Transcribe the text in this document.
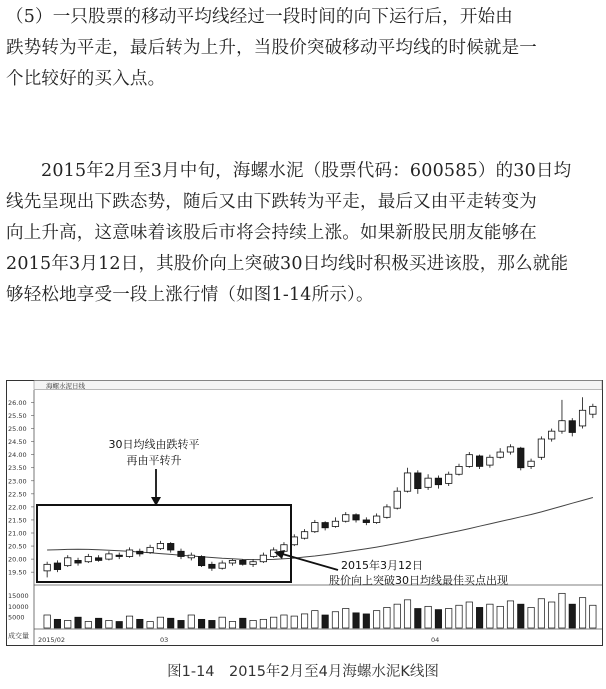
（5）一只股票的移动平均线经过一段时间的向下运行后，开始由

跌势转为平走，最后转为上升，当股价突破移动平均线的时候就是一

个比较好的买入点。

2015年2月至3月中旬，海螺水泥（股票代码：600585）的30日均

线先呈现出下跌态势，随后又由下跌转为平走，最后又由平走转变为

向上升高，这意味着该股后市将会持续上涨。如果新股民朋友能够在

2015年3月12日，其股价向上突破30日均线时积极买进该股，那么就能

够轻松地享受一段上涨行情（如图1-14所示）。

19.50
20.00
20.50
21.00
21.50
22.00
22.50
23.00
23.50
24.00
24.50
25.00
25.50
26.00
海螺水泥日线
15000
10000
5000
成交量 2015/02	03	04
30日均线由跌转平
再由平转升
2015年3月12日
股价向上突破30日均线最佳买点出现
图1-14　2015年2月至4月海螺水泥K线图
